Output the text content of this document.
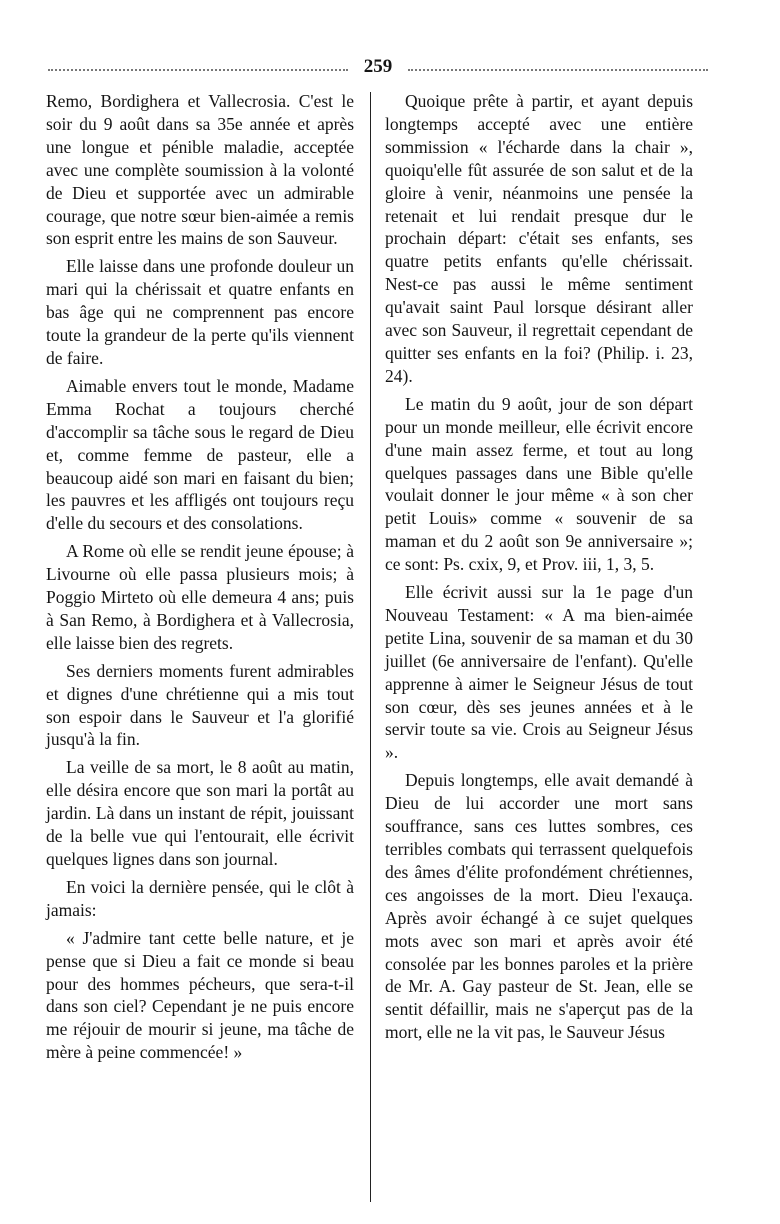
259

Remo, Bordighera et Vallecrosia. C'est le soir du 9 août dans sa 35e année et après une longue et pénible maladie, acceptée avec une complète soumission à la volonté de Dieu et supportée avec un admirable courage, que notre sœur bien-aimée a remis son esprit entre les mains de son Sauveur.

Elle laisse dans une profonde douleur un mari qui la chérissait et quatre enfants en bas âge qui ne comprennent pas encore toute la grandeur de la perte qu'ils viennent de faire.

Aimable envers tout le monde, Madame Emma Rochat a toujours cherché d'accomplir sa tâche sous le regard de Dieu et, comme femme de pasteur, elle a beaucoup aidé son mari en faisant du bien; les pauvres et les affligés ont toujours reçu d'elle du secours et des consolations.

A Rome où elle se rendit jeune épouse; à Livourne où elle passa plusieurs mois; à Poggio Mirteto où elle demeura 4 ans; puis à San Remo, à Bordighera et à Vallecrosia, elle laisse bien des regrets.

Ses derniers moments furent admirables et dignes d'une chrétienne qui a mis tout son espoir dans le Sauveur et l'a glorifié jusqu'à la fin.

La veille de sa mort, le 8 août au matin, elle désira encore que son mari la portât au jardin. Là dans un instant de répit, jouissant de la belle vue qui l'entourait, elle écrivit quelques lignes dans son journal.

En voici la dernière pensée, qui le clôt à jamais:

« J'admire tant cette belle nature, et je pense que si Dieu a fait ce monde si beau pour des hommes pécheurs, que sera-t-il dans son ciel? Cependant je ne puis encore me réjouir de mourir si jeune, ma tâche de mère à peine commencée! »

Quoique prête à partir, et ayant depuis longtemps accepté avec une entière sommission « l'écharde dans la chair », quoiqu'elle fût assurée de son salut et de la gloire à venir, néanmoins une pensée la retenait et lui rendait presque dur le prochain départ: c'était ses enfants, ses quatre petits enfants qu'elle chérissait. Nest-ce pas aussi le même sentiment qu'avait saint Paul lorsque désirant aller avec son Sauveur, il regrettait cependant de quitter ses enfants en la foi? (Philip. i. 23, 24).

Le matin du 9 août, jour de son départ pour un monde meilleur, elle écrivit encore d'une main assez ferme, et tout au long quelques passages dans une Bible qu'elle voulait donner le jour même « à son cher petit Louis» comme « souvenir de sa maman et du 2 août son 9e anniversaire »; ce sont: Ps. cxix, 9, et Prov. iii, 1, 3, 5.

Elle écrivit aussi sur la 1e page d'un Nouveau Testament: « A ma bien-aimée petite Lina, souvenir de sa maman et du 30 juillet (6e anniversaire de l'enfant). Qu'elle apprenne à aimer le Seigneur Jésus de tout son cœur, dès ses jeunes années et à le servir toute sa vie. Crois au Seigneur Jésus ».

Depuis longtemps, elle avait demandé à Dieu de lui accorder une mort sans souffrance, sans ces luttes sombres, ces terribles combats qui terrassent quelquefois des âmes d'élite profondément chrétiennes, ces angoisses de la mort. Dieu l'exauça. Après avoir échangé à ce sujet quelques mots avec son mari et après avoir été consolée par les bonnes paroles et la prière de Mr. A. Gay pasteur de St. Jean, elle se sentit défaillir, mais ne s'aperçut pas de la mort, elle ne la vit pas, le Sauveur Jésus
